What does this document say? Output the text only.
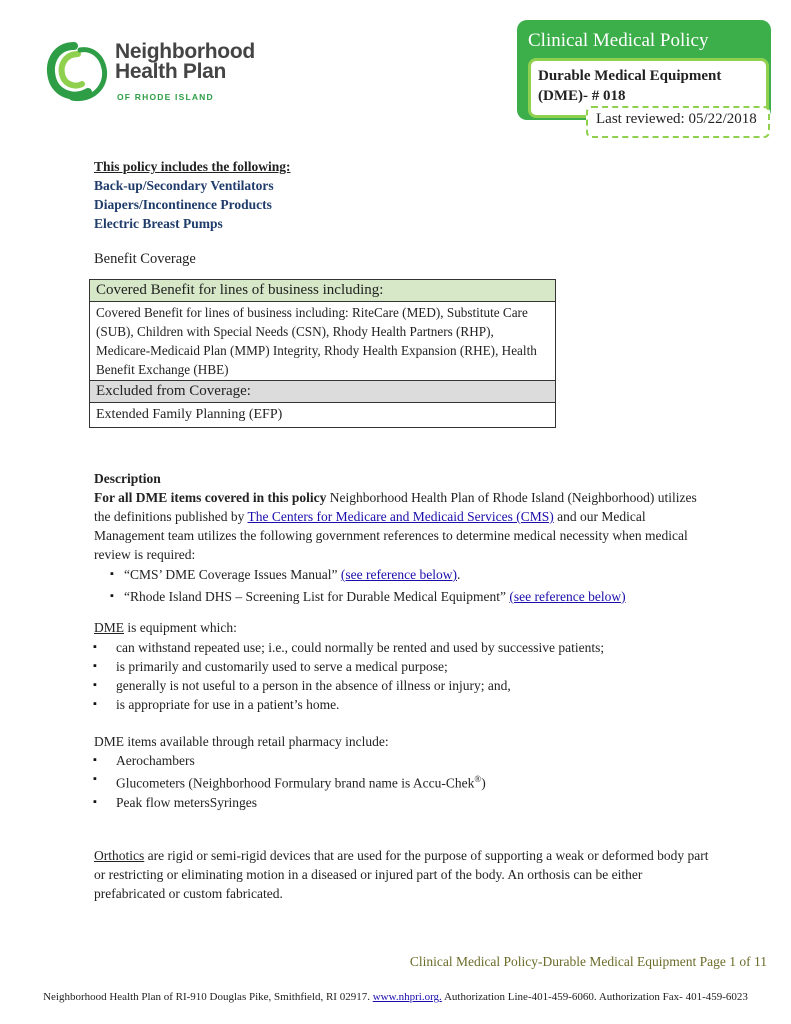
Neighborhood
Health Plan
OF RHODE ISLAND
Clinical Medical Policy
Durable Medical Equipment
(DME)- # 018
Last reviewed: 05/22/2018
This policy includes the following:
Back-up/Secondary Ventilators
Diapers/Incontinence Products
Electric Breast Pumps
Benefit Coverage
Covered Benefit for lines of business including:
Covered Benefit for lines of business including: RiteCare (MED), Substitute Care (SUB), Children with Special Needs (CSN), Rhody Health Partners (RHP), Medicare-Medicaid Plan (MMP) Integrity, Rhody Health Expansion (RHE), Health Benefit Exchange (HBE)
Excluded from Coverage:
Extended Family Planning (EFP)
Description
For all DME items covered in this policy Neighborhood Health Plan of Rhode Island (Neighborhood) utilizes the definitions published by The Centers for Medicare and Medicaid Services (CMS) and our Medical Management team utilizes the following government references to determine medical necessity when medical review is required:
▪ “CMS’ DME Coverage Issues Manual” (see reference below).
▪ “Rhode Island DHS – Screening List for Durable Medical Equipment” (see reference below)
DME is equipment which:
▪ can withstand repeated use; i.e., could normally be rented and used by successive patients;
▪ is primarily and customarily used to serve a medical purpose;
▪ generally is not useful to a person in the absence of illness or injury; and,
▪ is appropriate for use in a patient’s home.
DME items available through retail pharmacy include:
▪ Aerochambers
▪ Glucometers (Neighborhood Formulary brand name is Accu-Chek®)
▪ Peak flow metersSyringes
Orthotics are rigid or semi-rigid devices that are used for the purpose of supporting a weak or deformed body part or restricting or eliminating motion in a diseased or injured part of the body. An orthosis can be either prefabricated or custom fabricated.
Clinical Medical Policy-Durable Medical Equipment Page 1 of 11
Neighborhood Health Plan of RI-910 Douglas Pike, Smithfield, RI 02917. www.nhpri.org. Authorization Line-401-459-6060. Authorization Fax- 401-459-6023
